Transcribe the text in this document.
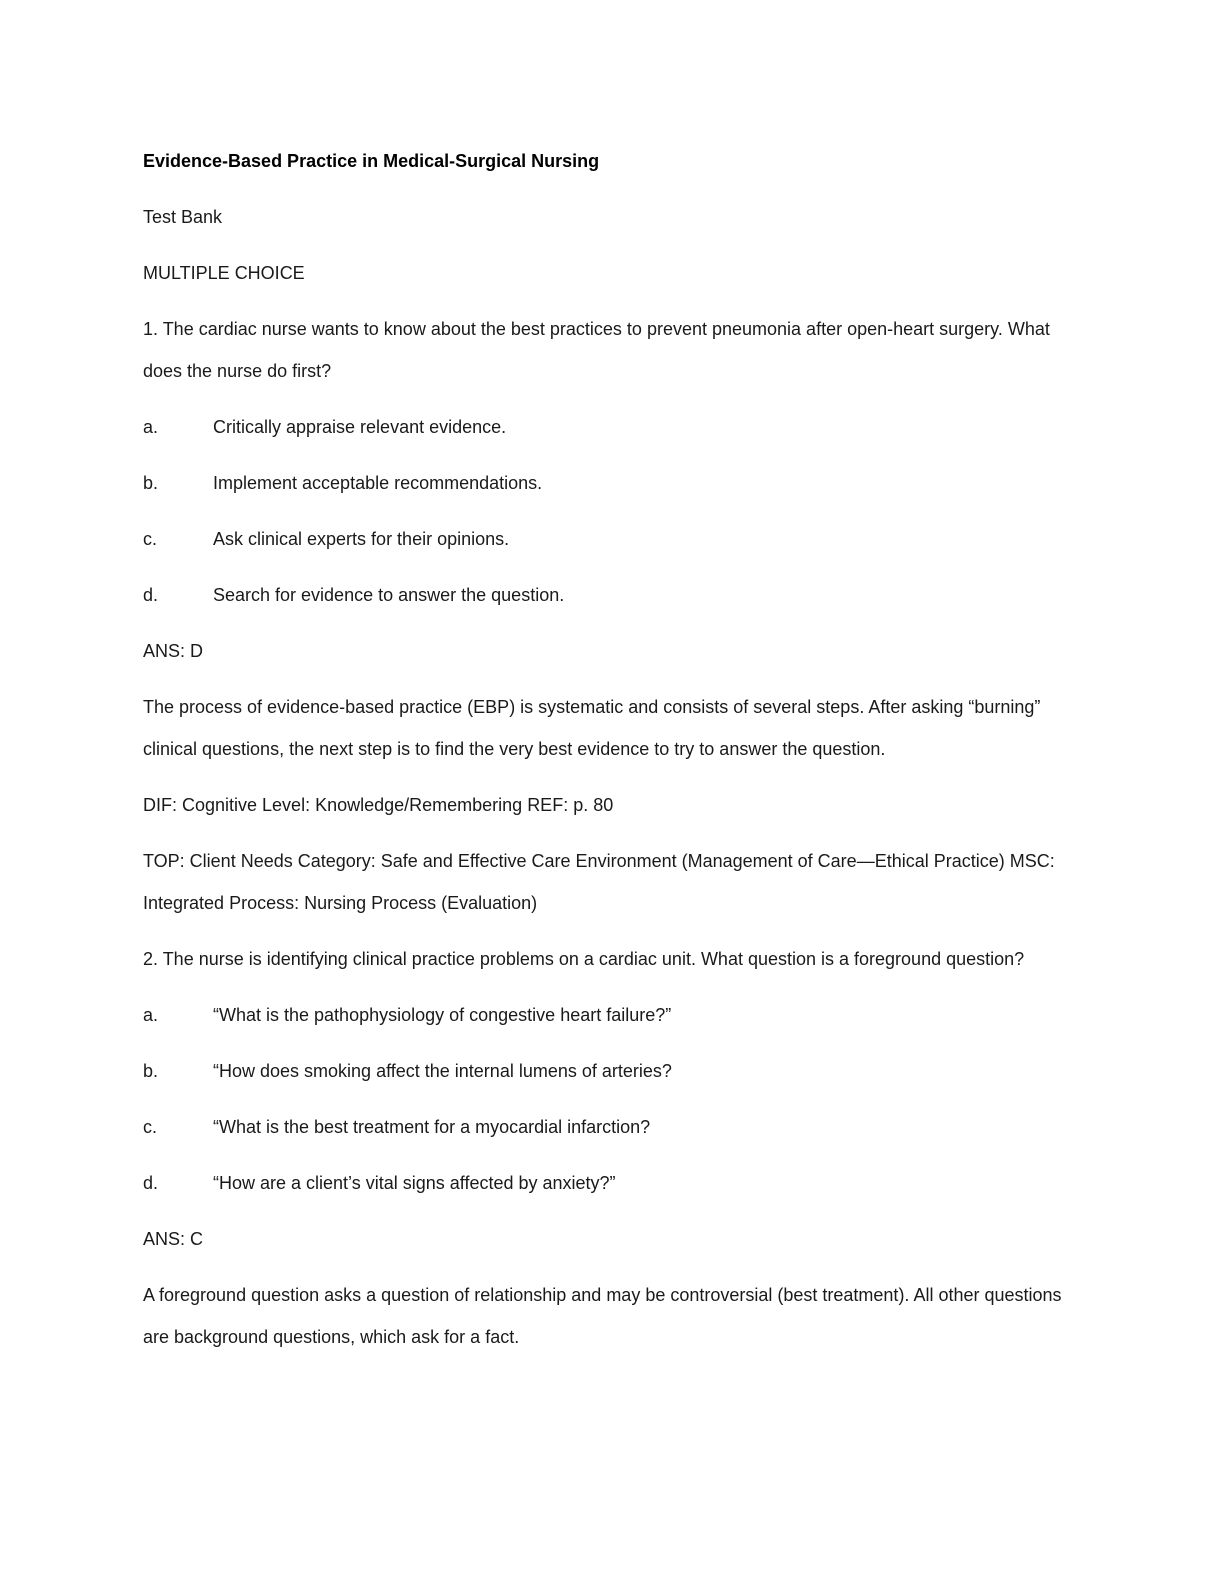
Evidence-Based Practice in Medical-Surgical Nursing

Test Bank

MULTIPLE CHOICE

1. The cardiac nurse wants to know about the best practices to prevent pneumonia after open-heart surgery. What does the nurse do first?

a.	Critically appraise relevant evidence.
b.	Implement acceptable recommendations.
c.	Ask clinical experts for their opinions.
d.	Search for evidence to answer the question.

ANS: D

The process of evidence-based practice (EBP) is systematic and consists of several steps. After asking “burning” clinical questions, the next step is to find the very best evidence to try to answer the question.

DIF: Cognitive Level: Knowledge/Remembering REF: p. 80

TOP: Client Needs Category: Safe and Effective Care Environment (Management of Care—Ethical Practice) MSC: Integrated Process: Nursing Process (Evaluation)

2. The nurse is identifying clinical practice problems on a cardiac unit. What question is a foreground question?

a.	“What is the pathophysiology of congestive heart failure?”
b.	“How does smoking affect the internal lumens of arteries?
c.	“What is the best treatment for a myocardial infarction?
d.	“How are a client’s vital signs affected by anxiety?”

ANS: C

A foreground question asks a question of relationship and may be controversial (best treatment). All other questions are background questions, which ask for a fact.
